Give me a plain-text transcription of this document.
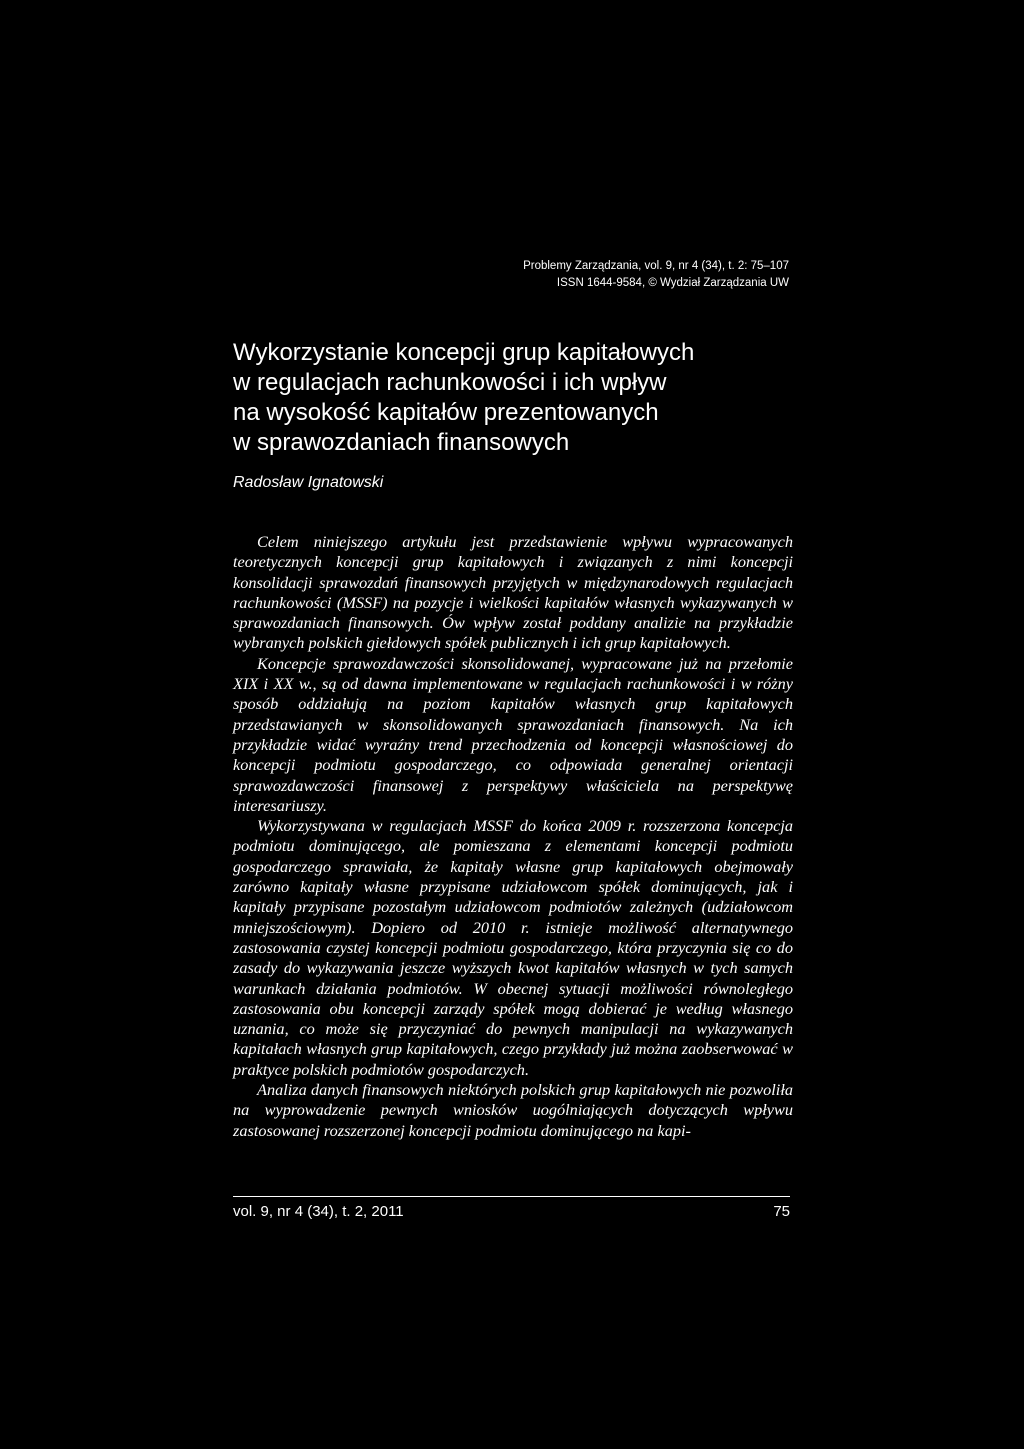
Problemy Zarządzania, vol. 9, nr 4 (34), t. 2: 75–107
ISSN 1644-9584, © Wydział Zarządzania UW
Wykorzystanie koncepcji grup kapitałowych
w regulacjach rachunkowości i ich wpływ
na wysokość kapitałów prezentowanych
w sprawozdaniach finansowych
Radosław Ignatowski

Celem niniejszego artykułu jest przedstawienie wpływu wypracowanych teoretycznych koncepcji grup kapitałowych i związanych z nimi koncepcji konsolidacji sprawozdań finansowych przyjętych w międzynarodowych regulacjach rachunkowości (MSSF) na pozycje i wielkości kapitałów własnych wykazywanych w sprawozdaniach finansowych. Ów wpływ został poddany analizie na przykładzie wybranych polskich giełdowych spółek publicznych i ich grup kapitałowych.

Koncepcje sprawozdawczości skonsolidowanej, wypracowane już na przełomie XIX i XX w., są od dawna implementowane w regulacjach rachunkowości i w różny sposób oddziałują na poziom kapitałów własnych grup kapitałowych przedstawianych w skonsolidowanych sprawozdaniach finansowych. Na ich przykładzie widać wyraźny trend przechodzenia od koncepcji własnościowej do koncepcji podmiotu gospodarczego, co odpowiada generalnej orientacji sprawozdawczości finansowej z perspektywy właściciela na perspektywę interesariuszy.

Wykorzystywana w regulacjach MSSF do końca 2009 r. rozszerzona koncepcja podmiotu dominującego, ale pomieszana z elementami koncepcji podmiotu gospodarczego sprawiała, że kapitały własne grup kapitałowych obejmowały zarówno kapitały własne przypisane udziałowcom spółek dominujących, jak i kapitały przypisane pozostałym udziałowcom podmiotów zależnych (udziałowcom mniejszościowym). Dopiero od 2010 r. istnieje możliwość alternatywnego zastosowania czystej koncepcji podmiotu gospodarczego, która przyczynia się co do zasady do wykazywania jeszcze wyższych kwot kapitałów własnych w tych samych warunkach działania podmiotów. W obecnej sytuacji możliwości równoległego zastosowania obu koncepcji zarządy spółek mogą dobierać je według własnego uznania, co może się przyczyniać do pewnych manipulacji na wykazywanych kapitałach własnych grup kapitałowych, czego przykłady już można zaobserwować w praktyce polskich podmiotów gospodarczych.

Analiza danych finansowych niektórych polskich grup kapitałowych nie pozwoliła na wyprowadzenie pewnych wniosków uogólniających dotyczących wpływu zastosowanej rozszerzonej koncepcji podmiotu dominującego na kapi-

vol. 9, nr 4 (34), t. 2, 2011	75
